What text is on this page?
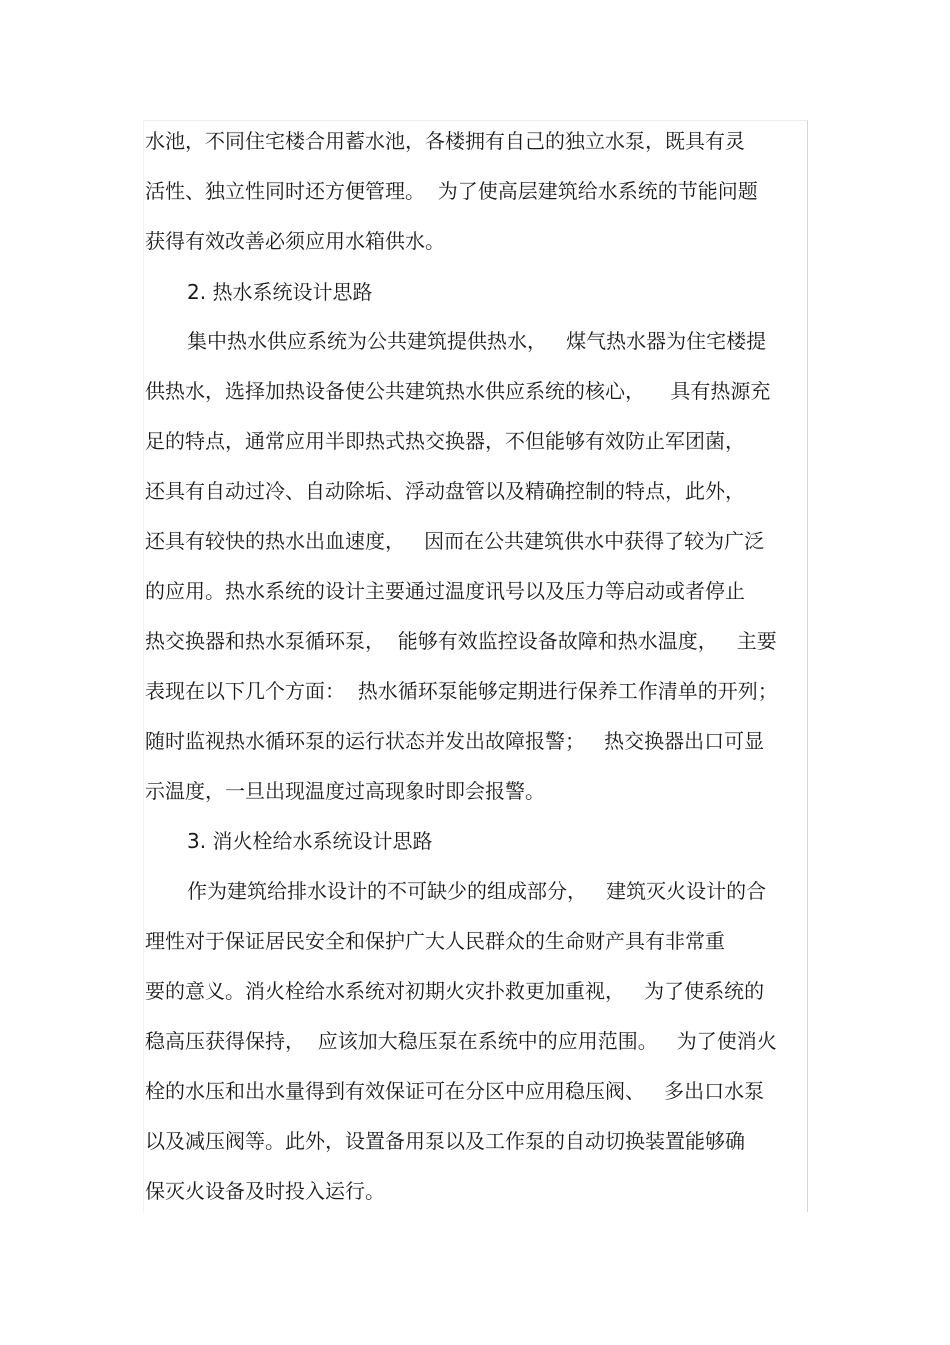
水池，不同住宅楼合用蓄水池，各楼拥有自己的独立水泵，既具有灵
活性、独立性同时还方便管理。  为了使高层建筑给水系统的节能问题
获得有效改善必须应用水箱供水。
2. 热水系统设计思路
集中热水供应系统为公共建筑提供热水，   煤气热水器为住宅楼提
供热水，选择加热设备使公共建筑热水供应系统的核心，    具有热源充
足的特点，通常应用半即热式热交换器，不但能够有效防止军团菌，
还具有自动过冷、自动除垢、浮动盘管以及精确控制的特点，此外，
还具有较快的热水出血速度，   因而在公共建筑供水中获得了较为广泛
的应用。热水系统的设计主要通过温度讯号以及压力等启动或者停止
热交换器和热水泵循环泵，  能够有效监控设备故障和热水温度，   主要
表现在以下几个方面：  热水循环泵能够定期进行保养工作清单的开列；
随时监视热水循环泵的运行状态并发出故障报警；   热交换器出口可显
示温度，一旦出现温度过高现象时即会报警。
3. 消火栓给水系统设计思路
作为建筑给排水设计的不可缺少的组成部分，   建筑灭火设计的合
理性对于保证居民安全和保护广大人民群众的生命财产具有非常重
要的意义。消火栓给水系统对初期火灾扑救更加重视，   为了使系统的
稳高压获得保持，  应该加大稳压泵在系统中的应用范围。   为了使消火
栓的水压和出水量得到有效保证可在分区中应用稳压阀、   多出口水泵
以及减压阀等。此外，设置备用泵以及工作泵的自动切换装置能够确
保灭火设备及时投入运行。
